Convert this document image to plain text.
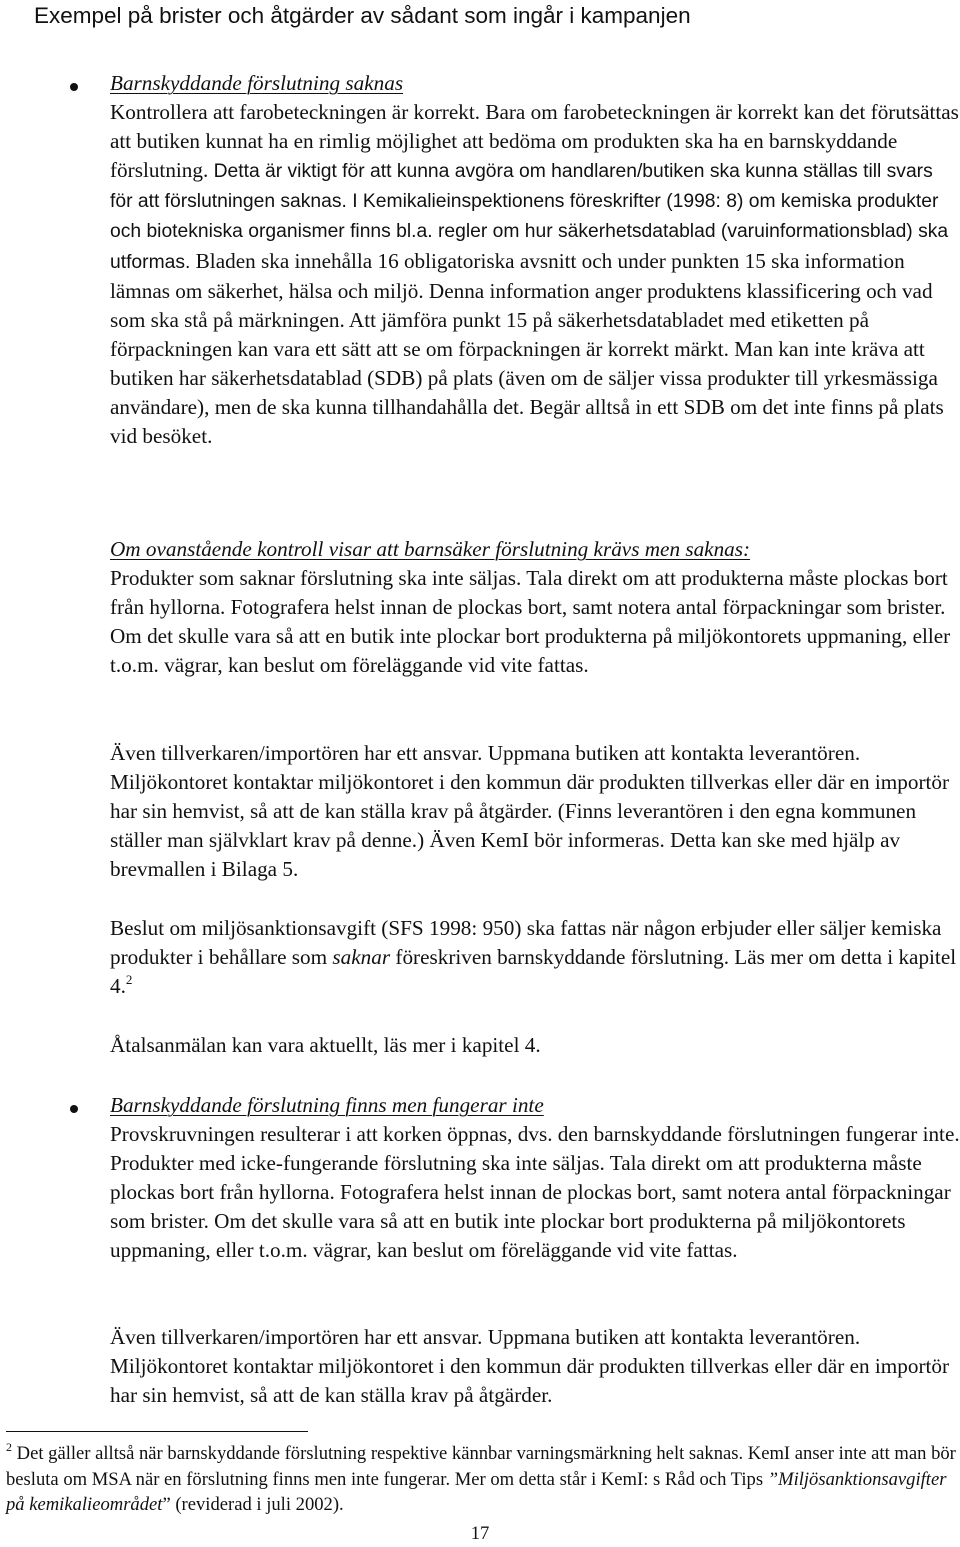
Exempel på brister och åtgärder av sådant som ingår i kampanjen

Barnskyddande förslutning saknas
Kontrollera att farobeteckningen är korrekt. Bara om farobeteckningen är korrekt kan det förutsättas att butiken kunnat ha en rimlig möjlighet att bedöma om produkten ska ha en barnskyddande förslutning. Detta är viktigt för att kunna avgöra om handlaren/butiken ska kunna ställas till svars för att förslutningen saknas. I Kemikalieinspektionens föreskrifter (1998: 8) om kemiska produkter och biotekniska organismer finns bl.a. regler om hur säkerhetsdatablad (varuinformationsblad) ska utformas. Bladen ska innehålla 16 obligatoriska avsnitt och under punkten 15 ska information lämnas om säkerhet, hälsa och miljö. Denna information anger produktens klassificering och vad som ska stå på märkningen. Att jämföra punkt 15 på säkerhetsdatabladet med etiketten på förpackningen kan vara ett sätt att se om förpackningen är korrekt märkt. Man kan inte kräva att butiken har säkerhetsdatablad (SDB) på plats (även om de säljer vissa produkter till yrkesmässiga användare), men de ska kunna tillhandahålla det. Begär alltså in ett SDB om det inte finns på plats vid besöket.

Om ovanstående kontroll visar att barnsäker förslutning krävs men saknas:
Produkter som saknar förslutning ska inte säljas. Tala direkt om att produkterna måste plockas bort från hyllorna. Fotografera helst innan de plockas bort, samt notera antal förpackningar som brister. Om det skulle vara så att en butik inte plockar bort produkterna på miljökontorets uppmaning, eller t.o.m. vägrar, kan beslut om föreläggande vid vite fattas.

Även tillverkaren/importören har ett ansvar. Uppmana butiken att kontakta leverantören. Miljökontoret kontaktar miljökontoret i den kommun där produkten tillverkas eller där en importör har sin hemvist, så att de kan ställa krav på åtgärder. (Finns leverantören i den egna kommunen ställer man självklart krav på denne.) Även KemI bör informeras. Detta kan ske med hjälp av brevmallen i Bilaga 5.

Beslut om miljösanktionsavgift (SFS 1998: 950) ska fattas när någon erbjuder eller säljer kemiska produkter i behållare som saknar föreskriven barnskyddande förslutning. Läs mer om detta i kapitel 4.$^2$

Åtalsanmälan kan vara aktuellt, läs mer i kapitel 4.

Barnskyddande förslutning finns men fungerar inte
Provskruvningen resulterar i att korken öppnas, dvs. den barnskyddande förslutningen fungerar inte. Produkter med icke-fungerande förslutning ska inte säljas. Tala direkt om att produkterna måste plockas bort från hyllorna. Fotografera helst innan de plockas bort, samt notera antal förpackningar som brister. Om det skulle vara så att en butik inte plockar bort produkterna på miljökontorets uppmaning, eller t.o.m. vägrar, kan beslut om föreläggande vid vite fattas.

Även tillverkaren/importören har ett ansvar. Uppmana butiken att kontakta leverantören. Miljökontoret kontaktar miljökontoret i den kommun där produkten tillverkas eller där en importör har sin hemvist, så att de kan ställa krav på åtgärder.

$^2$ Det gäller alltså när barnskyddande förslutning respektive kännbar varningsmärkning helt saknas. KemI anser inte att man bör besluta om MSA när en förslutning finns men inte fungerar. Mer om detta står i KemI: s Råd och Tips ”Miljösanktionsavgifter på kemikalieområdet” (reviderad i juli 2002).

17
